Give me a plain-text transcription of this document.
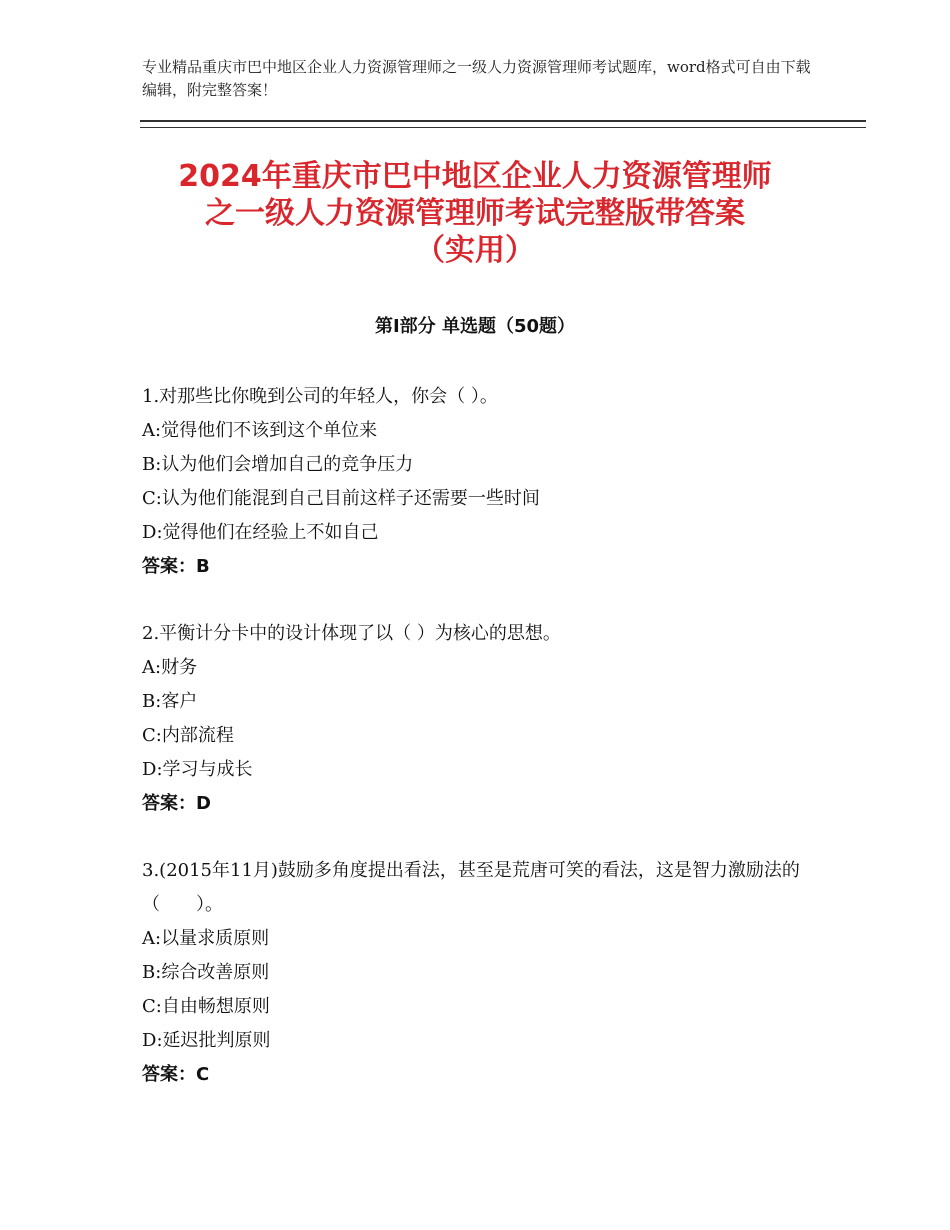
专业精品重庆市巴中地区企业人力资源管理师之一级人力资源管理师考试题库，word格式可自由下载编辑，附完整答案！
2024年重庆市巴中地区企业人力资源管理师
之一级人力资源管理师考试完整版带答案
（实用）
第Ⅰ部分 单选题（50题）
1.对那些比你晚到公司的年轻人，你会（ ）。
A:觉得他们不该到这个单位来
B:认为他们会增加自己的竞争压力
C:认为他们能混到自己目前这样子还需要一些时间
D:觉得他们在经验上不如自己
答案：B
2.平衡计分卡中的设计体现了以（ ）为核心的思想。
A:财务
B:客户
C:内部流程
D:学习与成长
答案：D
3.(2015年11月)鼓励多角度提出看法，甚至是荒唐可笑的看法，这是智力激励法的（　　）。
A:以量求质原则
B:综合改善原则
C:自由畅想原则
D:延迟批判原则
答案：C
